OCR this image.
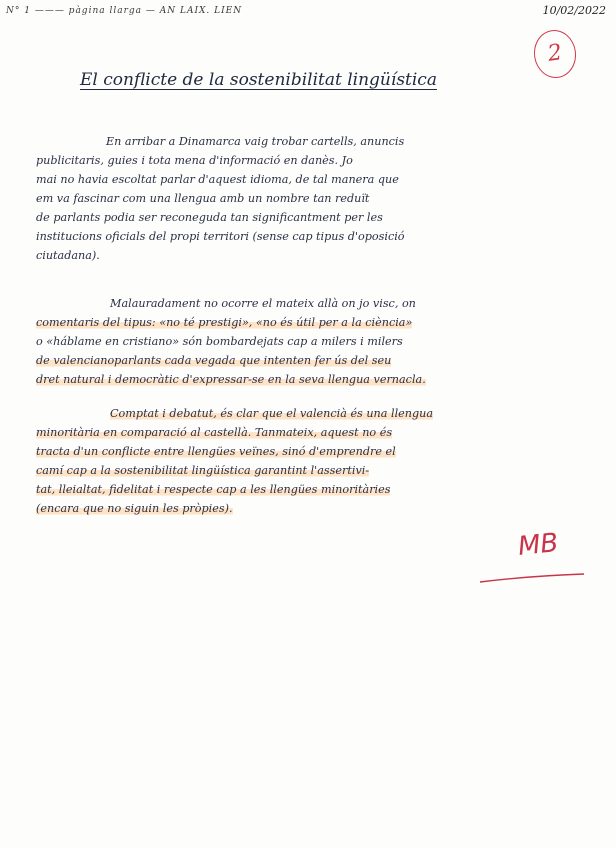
N° 1 ——— pàgina llarga — AN LAIX. LIEN	10/02/2022
2
El conflicte de la sostenibilitat lingüística
En arribar a Dinamarca vaig trobar cartells, anuncis
publicitaris, guies i tota mena d'informació en danès. Jo
mai no havia escoltat parlar d'aquest idioma, de tal manera que
em va fascinar com una llengua amb un nombre tan reduït
de parlants podia ser reconeguda tan significantment per les
institucions oficials del propi territori (sense cap tipus d'oposició
ciutadana).
Malauradament no ocorre el mateix allà on jo visc, on
comentaris del tipus: «no té prestigi», «no és útil per a la ciència»
o «háblame en cristiano» són bombardejats cap a milers i milers
de valencianoparlants cada vegada que intenten fer ús del seu
dret natural i democràtic d'expressar-se en la seva llengua vernacla.
Comptat i debatut, és clar que el valencià és una llengua
minoritària en comparació al castellà. Tanmateix, aquest no és
tracta d'un conflicte entre llengües veïnes, sinó d'emprendre el
camí cap a la sostenibilitat lingüística garantint l'assertivi-
tat, lleialtat, fidelitat i respecte cap a les llengües minoritàries
(encara que no siguin les pròpies).
MB
